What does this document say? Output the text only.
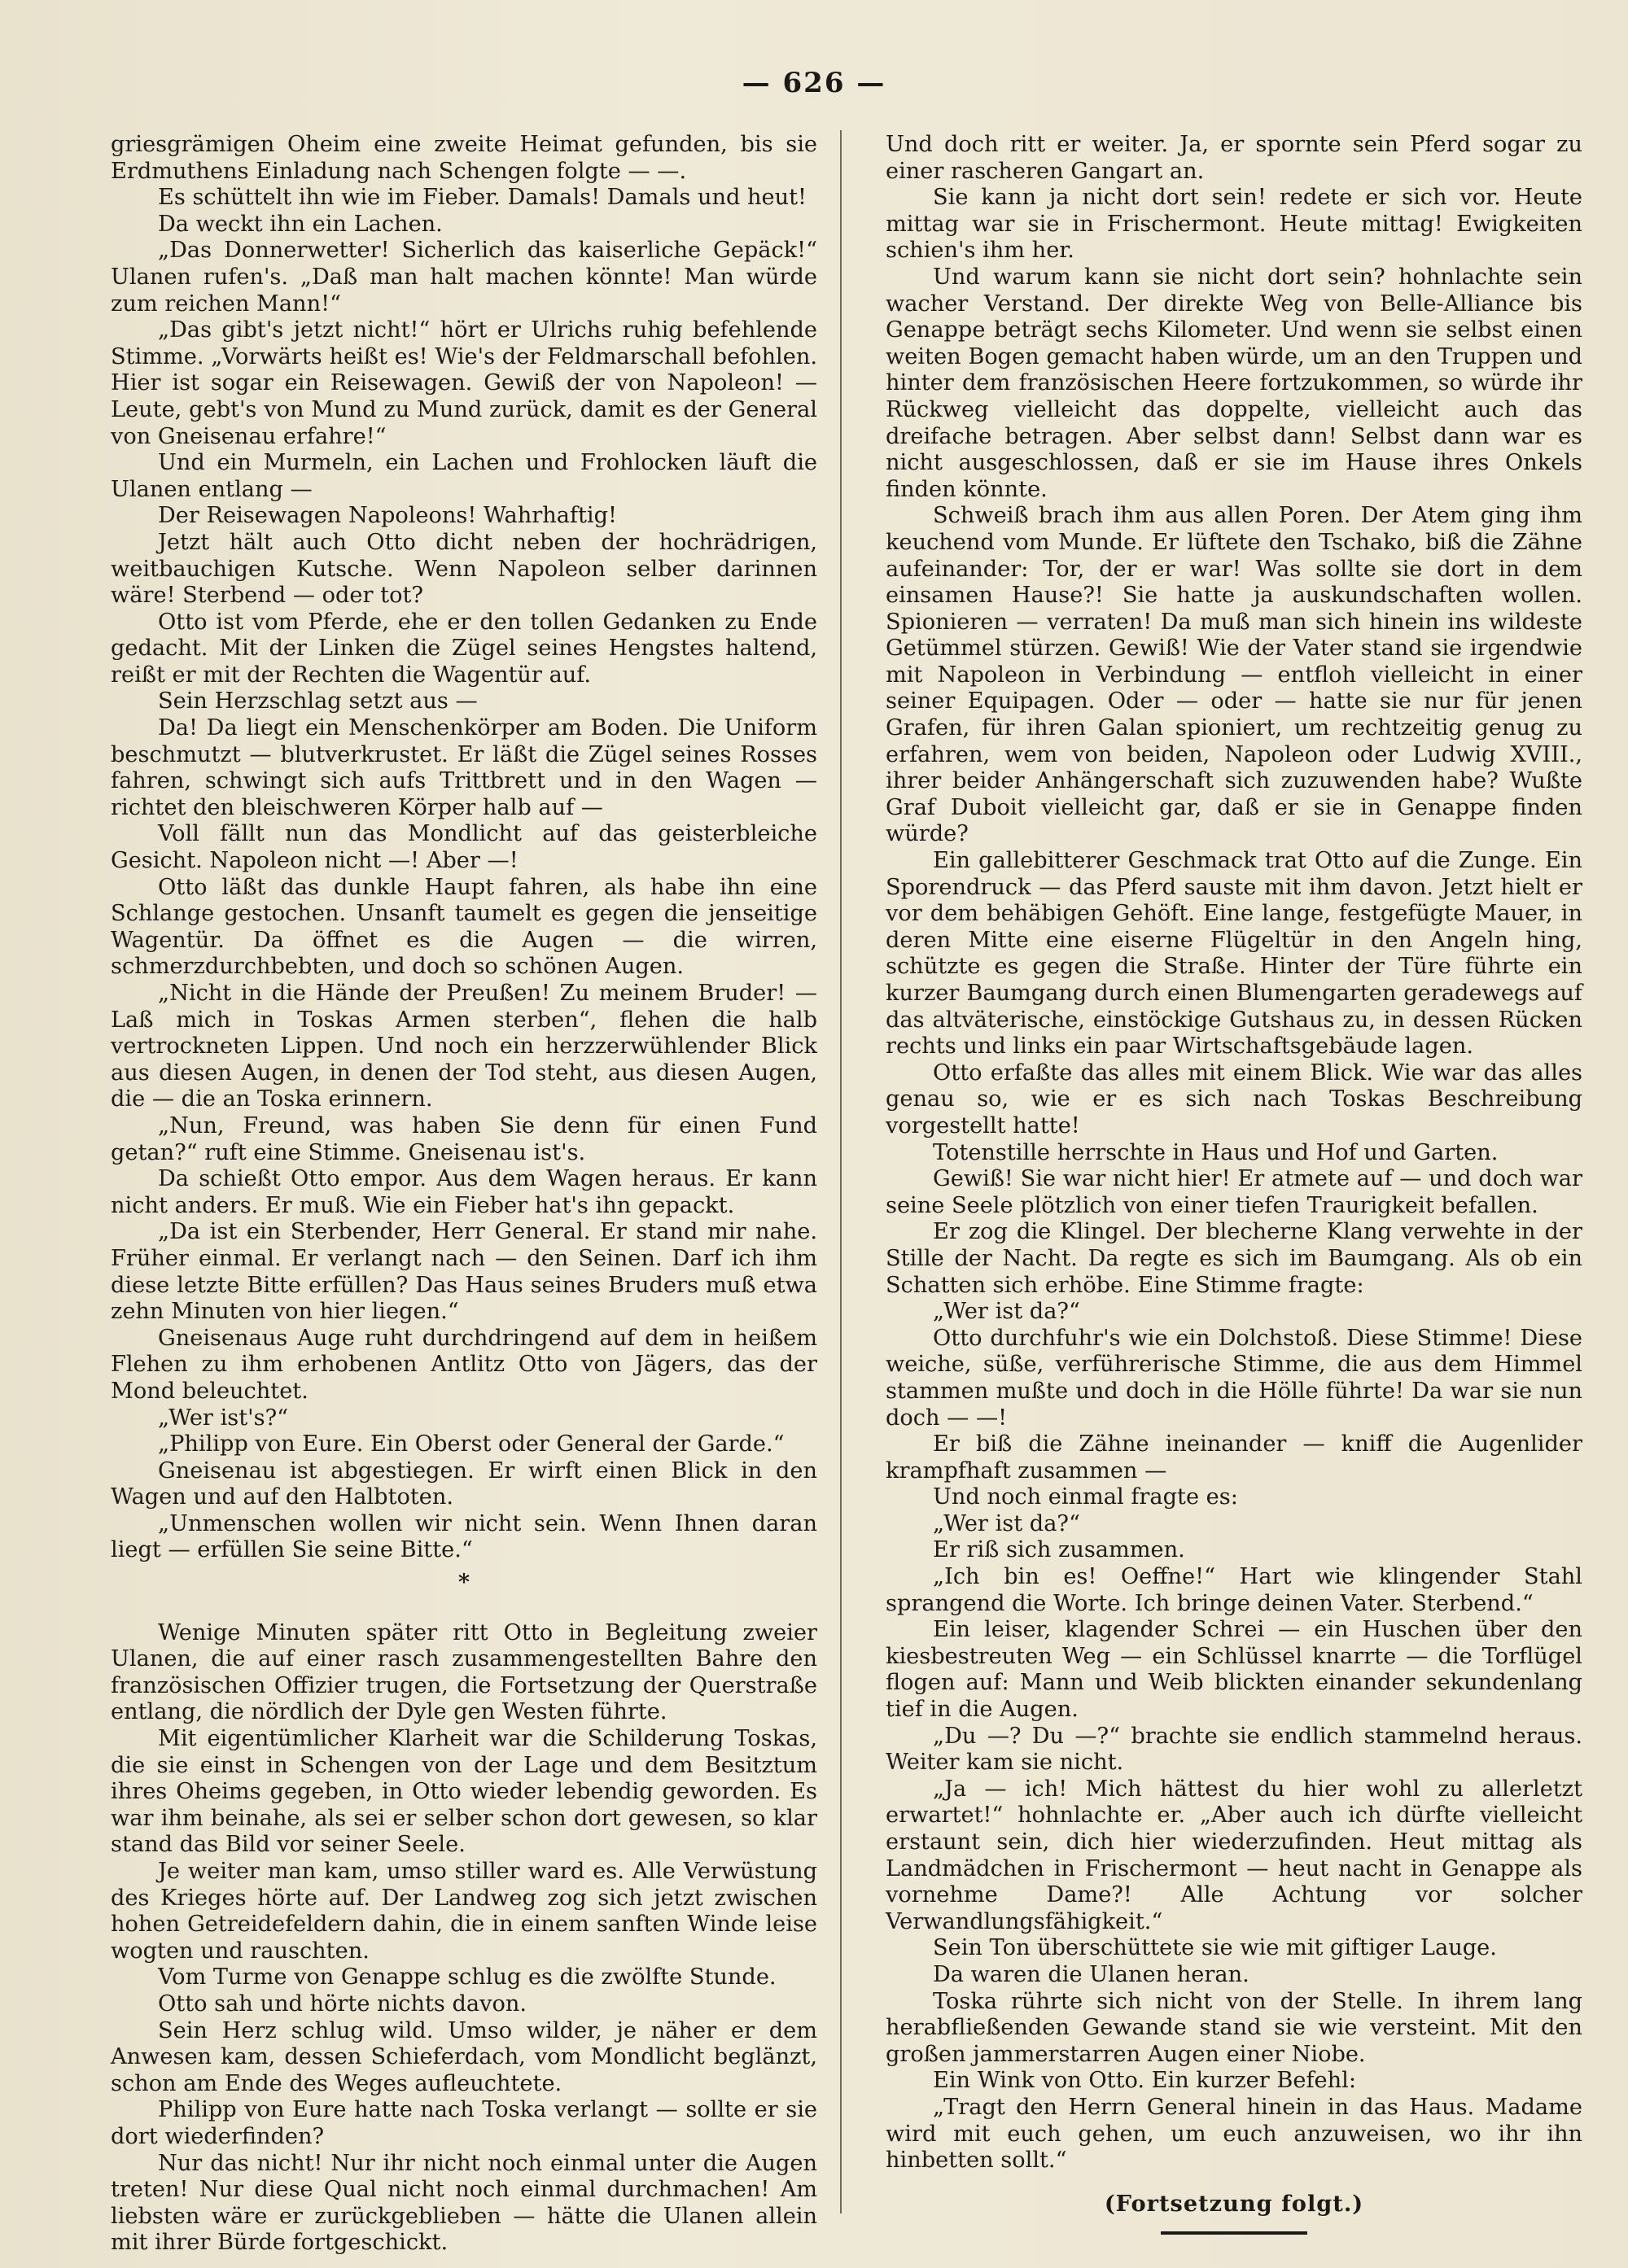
— 626 —

griesgrämigen Oheim eine zweite Heimat gefunden, bis sie Erdmuthens Einladung nach Schengen folgte — —.

Es schüttelt ihn wie im Fieber. Damals! Damals und heut!

Da weckt ihn ein Lachen.

„Das Donnerwetter! Sicherlich das kaiserliche Gepäck!“ Ulanen rufen's. „Daß man halt machen könnte! Man würde zum reichen Mann!“

„Das gibt's jetzt nicht!“ hört er Ulrichs ruhig befehlende Stimme. „Vorwärts heißt es! Wie's der Feldmarschall befohlen. Hier ist sogar ein Reisewagen. Gewiß der von Napoleon! — Leute, gebt's von Mund zu Mund zurück, damit es der General von Gneisenau erfahre!“

Und ein Murmeln, ein Lachen und Frohlocken läuft die Ulanen entlang —

Der Reisewagen Napoleons! Wahrhaftig!

Jetzt hält auch Otto dicht neben der hochrädrigen, weitbauchigen Kutsche. Wenn Napoleon selber darinnen wäre! Sterbend — oder tot?

Otto ist vom Pferde, ehe er den tollen Gedanken zu Ende gedacht. Mit der Linken die Zügel seines Hengstes haltend, reißt er mit der Rechten die Wagentür auf.

Sein Herzschlag setzt aus —

Da! Da liegt ein Menschenkörper am Boden. Die Uniform beschmutzt — blutverkrustet. Er läßt die Zügel seines Rosses fahren, schwingt sich aufs Trittbrett und in den Wagen — richtet den bleischweren Körper halb auf —

Voll fällt nun das Mondlicht auf das geisterbleiche Gesicht. Napoleon nicht —! Aber —!

Otto läßt das dunkle Haupt fahren, als habe ihn eine Schlange gestochen. Unsanft taumelt es gegen die jenseitige Wagentür. Da öffnet es die Augen — die wirren, schmerzdurchbebten, und doch so schönen Augen.

„Nicht in die Hände der Preußen! Zu meinem Bruder! — Laß mich in Toskas Armen sterben“, flehen die halb vertrockneten Lippen. Und noch ein herzzerwühlender Blick aus diesen Augen, in denen der Tod steht, aus diesen Augen, die — die an Toska erinnern.

„Nun, Freund, was haben Sie denn für einen Fund getan?“ ruft eine Stimme. Gneisenau ist's.

Da schießt Otto empor. Aus dem Wagen heraus. Er kann nicht anders. Er muß. Wie ein Fieber hat's ihn gepackt.

„Da ist ein Sterbender, Herr General. Er stand mir nahe. Früher einmal. Er verlangt nach — den Seinen. Darf ich ihm diese letzte Bitte erfüllen? Das Haus seines Bruders muß etwa zehn Minuten von hier liegen.“

Gneisenaus Auge ruht durchdringend auf dem in heißem Flehen zu ihm erhobenen Antlitz Otto von Jägers, das der Mond beleuchtet.

„Wer ist's?“

„Philipp von Eure. Ein Oberst oder General der Garde.“

Gneisenau ist abgestiegen. Er wirft einen Blick in den Wagen und auf den Halbtoten.

„Unmenschen wollen wir nicht sein. Wenn Ihnen daran liegt — erfüllen Sie seine Bitte.“

*

Wenige Minuten später ritt Otto in Begleitung zweier Ulanen, die auf einer rasch zusammengestellten Bahre den französischen Offizier trugen, die Fortsetzung der Querstraße entlang, die nördlich der Dyle gen Westen führte.

Mit eigentümlicher Klarheit war die Schilderung Toskas, die sie einst in Schengen von der Lage und dem Besitztum ihres Oheims gegeben, in Otto wieder lebendig geworden. Es war ihm beinahe, als sei er selber schon dort gewesen, so klar stand das Bild vor seiner Seele.

Je weiter man kam, umso stiller ward es. Alle Verwüstung des Krieges hörte auf. Der Landweg zog sich jetzt zwischen hohen Getreidefeldern dahin, die in einem sanften Winde leise wogten und rauschten.

Vom Turme von Genappe schlug es die zwölfte Stunde.

Otto sah und hörte nichts davon.

Sein Herz schlug wild. Umso wilder, je näher er dem Anwesen kam, dessen Schieferdach, vom Mondlicht beglänzt, schon am Ende des Weges aufleuchtete.

Philipp von Eure hatte nach Toska verlangt — sollte er sie dort wiederfinden?

Nur das nicht! Nur ihr nicht noch einmal unter die Augen treten! Nur diese Qual nicht noch einmal durchmachen! Am liebsten wäre er zurückgeblieben — hätte die Ulanen allein mit ihrer Bürde fortgeschickt.

Und doch ritt er weiter. Ja, er spornte sein Pferd sogar zu einer rascheren Gangart an.

Sie kann ja nicht dort sein! redete er sich vor. Heute mittag war sie in Frischermont. Heute mittag! Ewigkeiten schien's ihm her.

Und warum kann sie nicht dort sein? hohnlachte sein wacher Verstand. Der direkte Weg von Belle-Alliance bis Genappe beträgt sechs Kilometer. Und wenn sie selbst einen weiten Bogen gemacht haben würde, um an den Truppen und hinter dem französischen Heere fortzukommen, so würde ihr Rückweg vielleicht das doppelte, vielleicht auch das dreifache betragen. Aber selbst dann! Selbst dann war es nicht ausgeschlossen, daß er sie im Hause ihres Onkels finden könnte.

Schweiß brach ihm aus allen Poren. Der Atem ging ihm keuchend vom Munde. Er lüftete den Tschako, biß die Zähne aufeinander: Tor, der er war! Was sollte sie dort in dem einsamen Hause?! Sie hatte ja auskundschaften wollen. Spionieren — verraten! Da muß man sich hinein ins wildeste Getümmel stürzen. Gewiß! Wie der Vater stand sie irgendwie mit Napoleon in Verbindung — entfloh vielleicht in einer seiner Equipagen. Oder — oder — hatte sie nur für jenen Grafen, für ihren Galan spioniert, um rechtzeitig genug zu erfahren, wem von beiden, Napoleon oder Ludwig XVIII., ihrer beider Anhängerschaft sich zuzuwenden habe? Wußte Graf Duboit vielleicht gar, daß er sie in Genappe finden würde?

Ein gallebitterer Geschmack trat Otto auf die Zunge. Ein Sporendruck — das Pferd sauste mit ihm davon. Jetzt hielt er vor dem behäbigen Gehöft. Eine lange, festgefügte Mauer, in deren Mitte eine eiserne Flügeltür in den Angeln hing, schützte es gegen die Straße. Hinter der Türe führte ein kurzer Baumgang durch einen Blumengarten geradewegs auf das altväterische, einstöckige Gutshaus zu, in dessen Rücken rechts und links ein paar Wirtschaftsgebäude lagen.

Otto erfaßte das alles mit einem Blick. Wie war das alles genau so, wie er es sich nach Toskas Beschreibung vorgestellt hatte!

Totenstille herrschte in Haus und Hof und Garten.

Gewiß! Sie war nicht hier! Er atmete auf — und doch war seine Seele plötzlich von einer tiefen Traurigkeit befallen.

Er zog die Klingel. Der blecherne Klang verwehte in der Stille der Nacht. Da regte es sich im Baumgang. Als ob ein Schatten sich erhöbe. Eine Stimme fragte:

„Wer ist da?“

Otto durchfuhr's wie ein Dolchstoß. Diese Stimme! Diese weiche, süße, verführerische Stimme, die aus dem Himmel stammen mußte und doch in die Hölle führte! Da war sie nun doch — —!

Er biß die Zähne ineinander — kniff die Augenlider krampfhaft zusammen —

Und noch einmal fragte es:

„Wer ist da?“

Er riß sich zusammen.

„Ich bin es! Oeffne!“ Hart wie klingender Stahl sprangend die Worte. Ich bringe deinen Vater. Sterbend.“

Ein leiser, klagender Schrei — ein Huschen über den kiesbestreuten Weg — ein Schlüssel knarrte — die Torflügel flogen auf: Mann und Weib blickten einander sekundenlang tief in die Augen.

„Du —? Du —?“ brachte sie endlich stammelnd heraus. Weiter kam sie nicht.

„Ja — ich! Mich hättest du hier wohl zu allerletzt erwartet!“ hohnlachte er. „Aber auch ich dürfte vielleicht erstaunt sein, dich hier wiederzufinden. Heut mittag als Landmädchen in Frischermont — heut nacht in Genappe als vornehme Dame?! Alle Achtung vor solcher Verwandlungsfähigkeit.“

Sein Ton überschüttete sie wie mit giftiger Lauge.

Da waren die Ulanen heran.

Toska rührte sich nicht von der Stelle. In ihrem lang herabfließenden Gewande stand sie wie versteint. Mit den großen jammerstarren Augen einer Niobe.

Ein Wink von Otto. Ein kurzer Befehl:

„Tragt den Herrn General hinein in das Haus. Madame wird mit euch gehen, um euch anzuweisen, wo ihr ihn hinbetten sollt.“

(Fortsetzung folgt.)
